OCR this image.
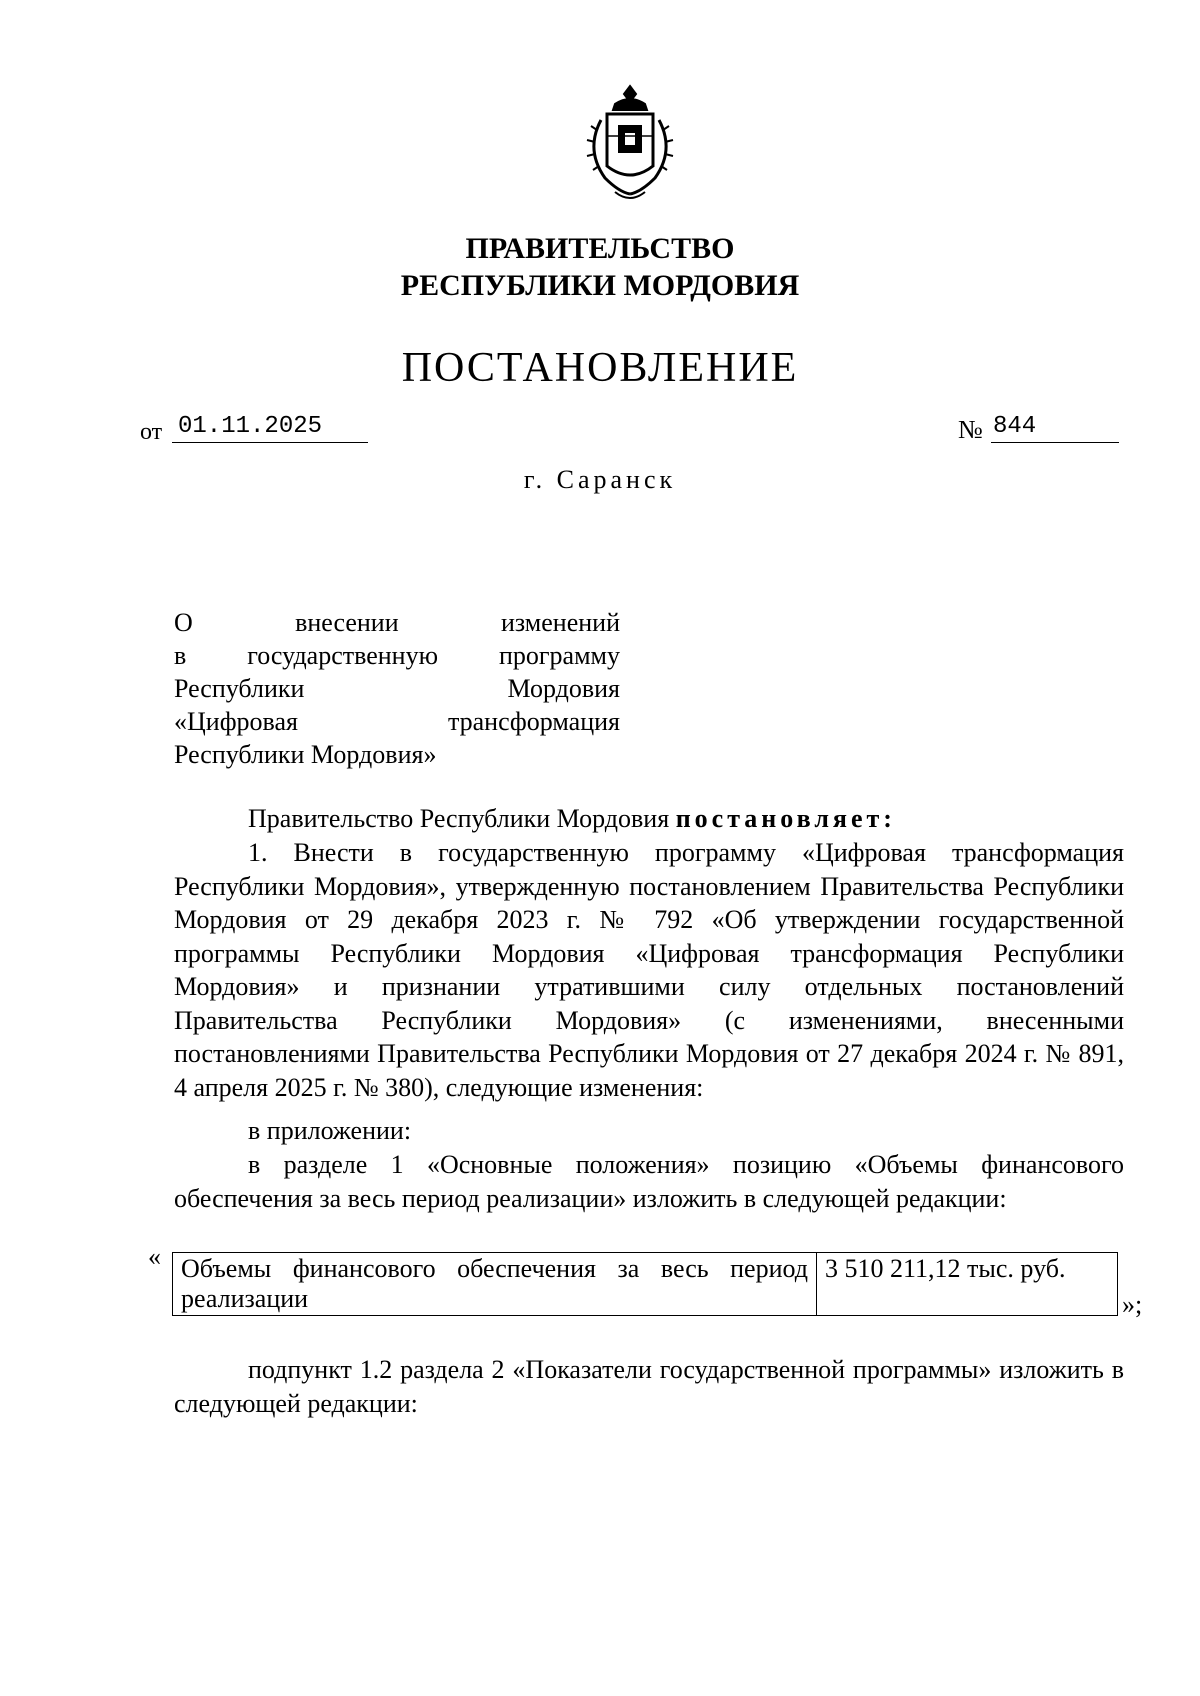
ПРАВИТЕЛЬСТВО
РЕСПУБЛИКИ МОРДОВИЯ
ПОСТАНОВЛЕНИЕ
от 01.11.2025	№ 844
г. Саранск
О внесении изменений
в государственную программу
Республики Мордовия
«Цифровая трансформация
Республики Мордовия»

Правительство Республики Мордовия постановляет:

1. Внести в государственную программу «Цифровая трансформация Республики Мордовия», утвержденную постановлением Правительства Республики Мордовия от 29 декабря 2023 г. № 792 «Об утверждении государственной программы Республики Мордовия «Цифровая трансформация Республики Мордовия» и признании утратившими силу отдельных постановлений Правительства Республики Мордовия» (с изменениями, внесенными постановлениями Правительства Республики Мордовия от 27 декабря 2024 г. № 891, 4 апреля 2025 г. № 380), следующие изменения:

в приложении:

в разделе 1 «Основные положения» позицию «Объемы финансового обеспечения за весь период реализации» изложить в следующей редакции:

« Объемы финансового обеспечения за весь период реализации	3 510 211,12 тыс. руб.
»;

подпункт 1.2 раздела 2 «Показатели государственной программы» изложить в следующей редакции:
